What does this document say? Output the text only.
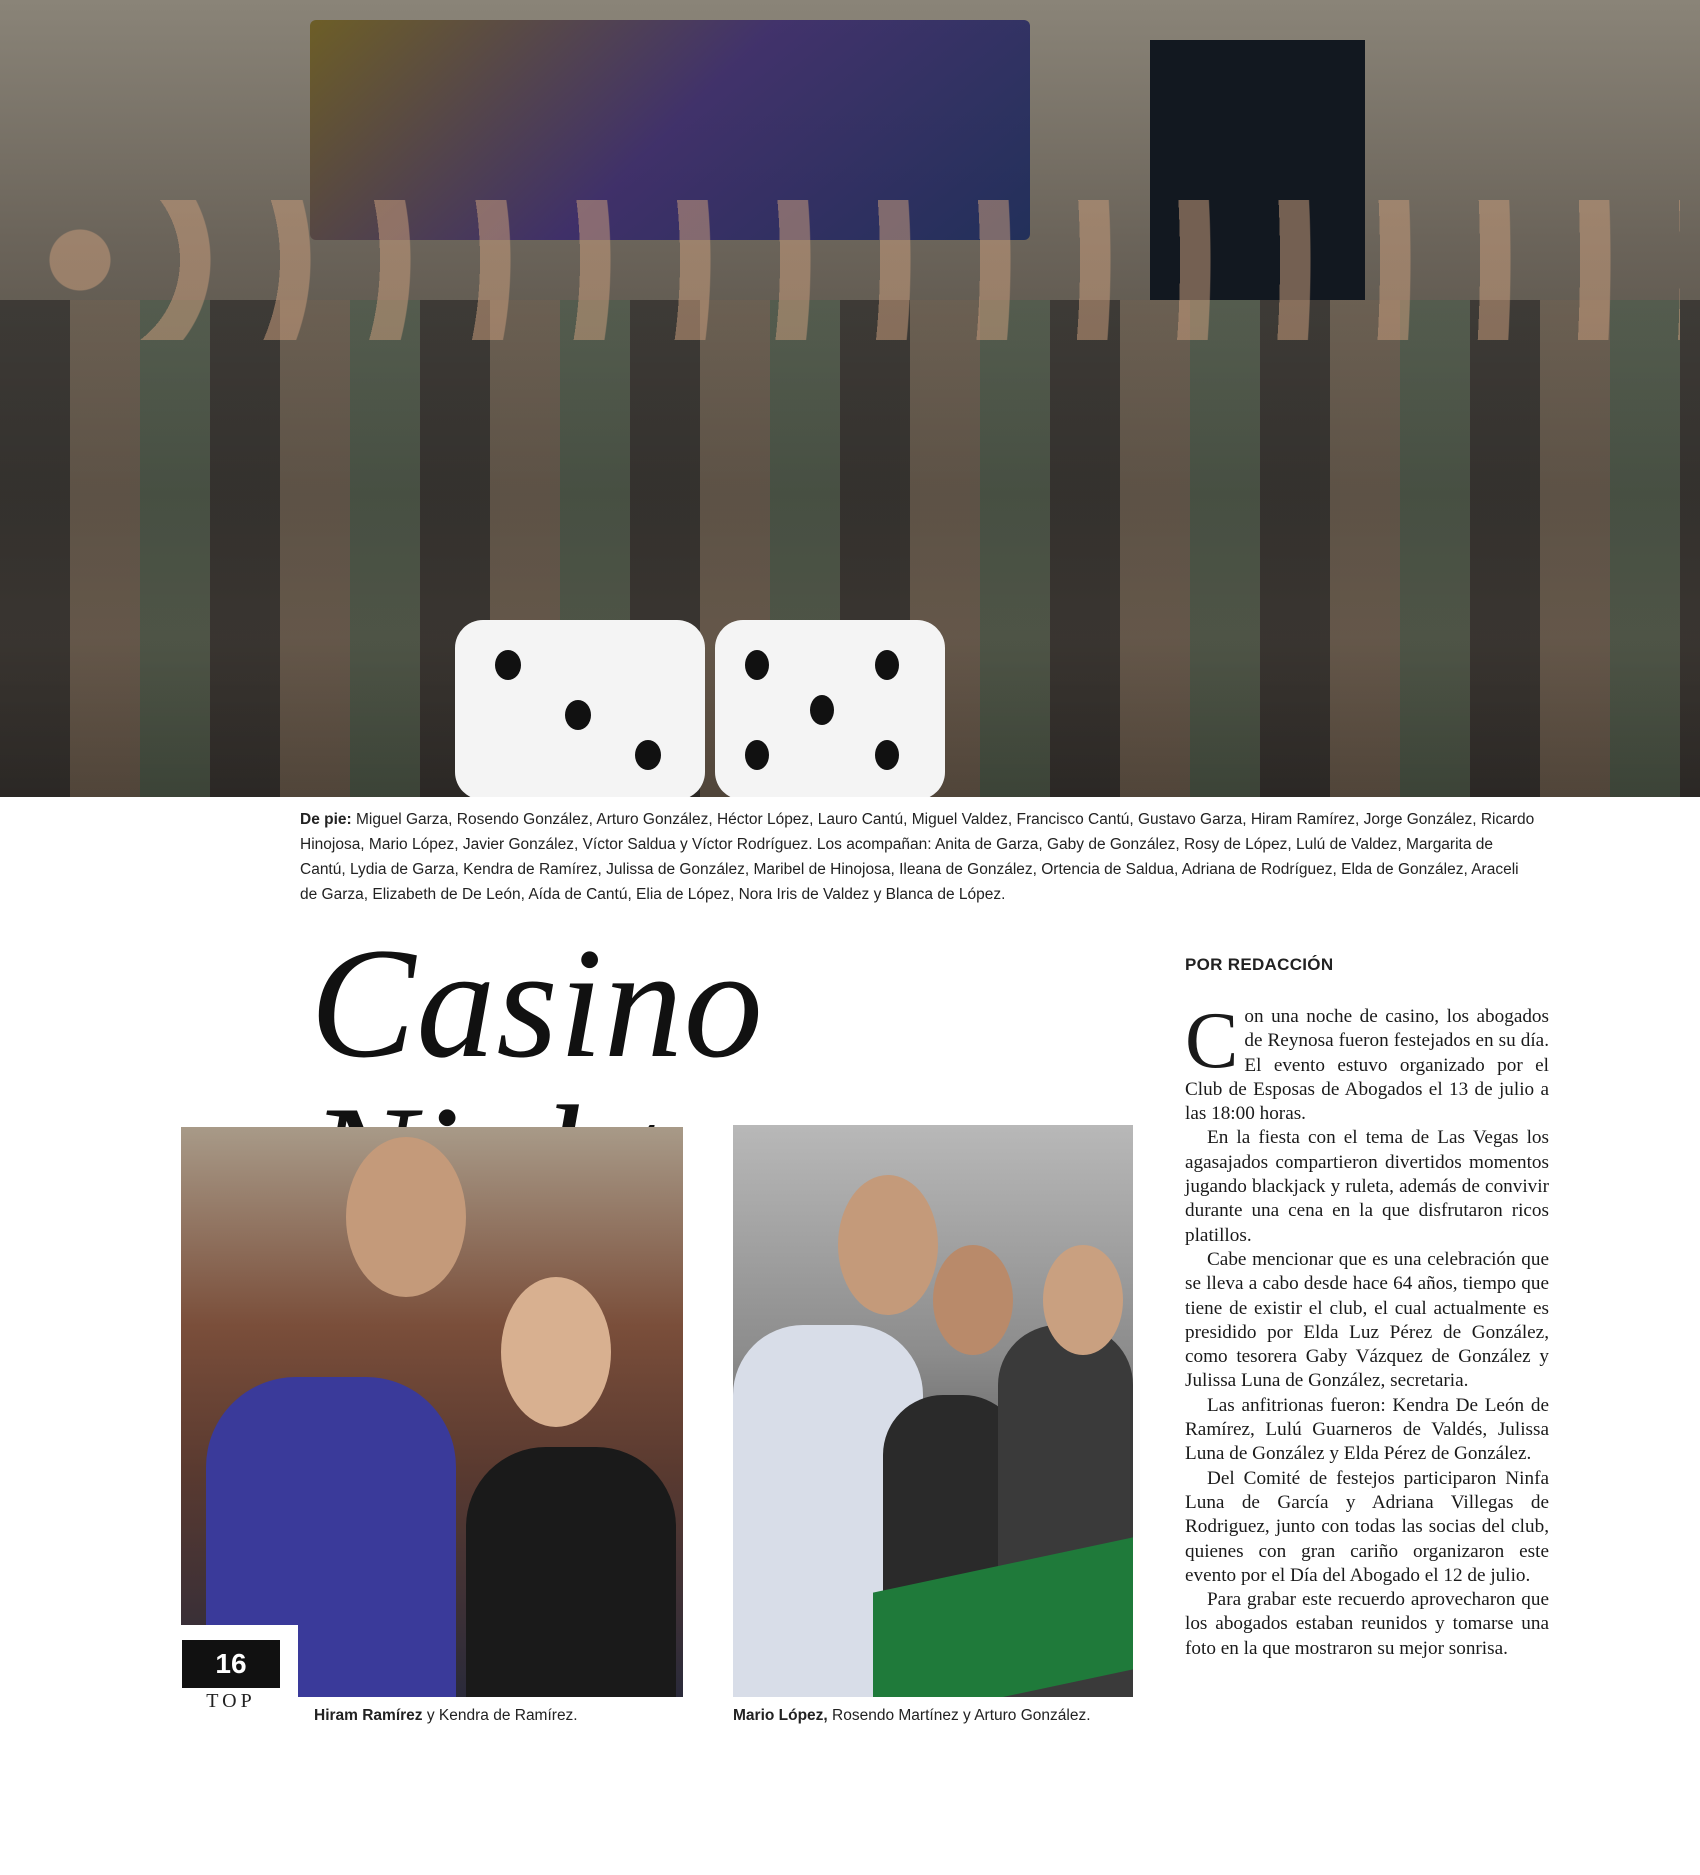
De pie: Miguel Garza, Rosendo González, Arturo González, Héctor López, Lauro Cantú, Miguel Valdez, Francisco Cantú, Gustavo Garza, Hiram Ramírez, Jorge González, Ricardo Hinojosa, Mario López, Javier González, Víctor Saldua y Víctor Rodríguez. Los acompañan: Anita de Garza, Gaby de González, Rosy de López, Lulú de Valdez, Margarita de Cantú, Lydia de Garza, Kendra de Ramírez, Julissa de González, Maribel de Hinojosa, Ileana de González, Ortencia de Saldua, Adriana de Rodríguez, Elda de González, Araceli de Garza, Elizabeth de De León, Aída de Cantú, Elia de López, Nora Iris de Valdez y Blanca de López.
Casino	POR REDACCIÓN

Con una noche de casino, los abogados de Reynosa fueron festejados en su día. El evento estuvo organizado por el Club de Esposas de Abogados el 13 de julio a las 18:00 horas.

En la fiesta con el tema de Las Vegas los agasajados compartieron divertidos momentos jugando blackjack y ruleta, además de convivir durante una cena en la que disfrutaron ricos platillos.

Cabe mencionar que es una celebración que se lleva a cabo desde hace 64 años, tiempo que tiene de existir el club, el cual actualmente es presidido por Elda Luz Pérez de González, como tesorera Gaby Vázquez de González y Julissa Luna de González, secretaria.

Las anfitrionas fueron: Kendra De León de Ramírez, Lulú Guarneros de Valdés, Julissa Luna de González y Elda Pérez de González.

Del Comité de festejos participaron Ninfa Luna de García y Adriana Villegas de Rodriguez, junto con todas las socias del club, quienes con gran cariño organizaron este evento por el Día del Abogado el 12 de julio.

Para grabar este recuerdo aprovecharon que los abogados estaban reunidos y tomarse una foto en la que mostraron su mejor sonrisa.

16
TOP
Hiram Ramírez y Kendra de Ramírez.	Mario López, Rosendo Martínez y Arturo González.
